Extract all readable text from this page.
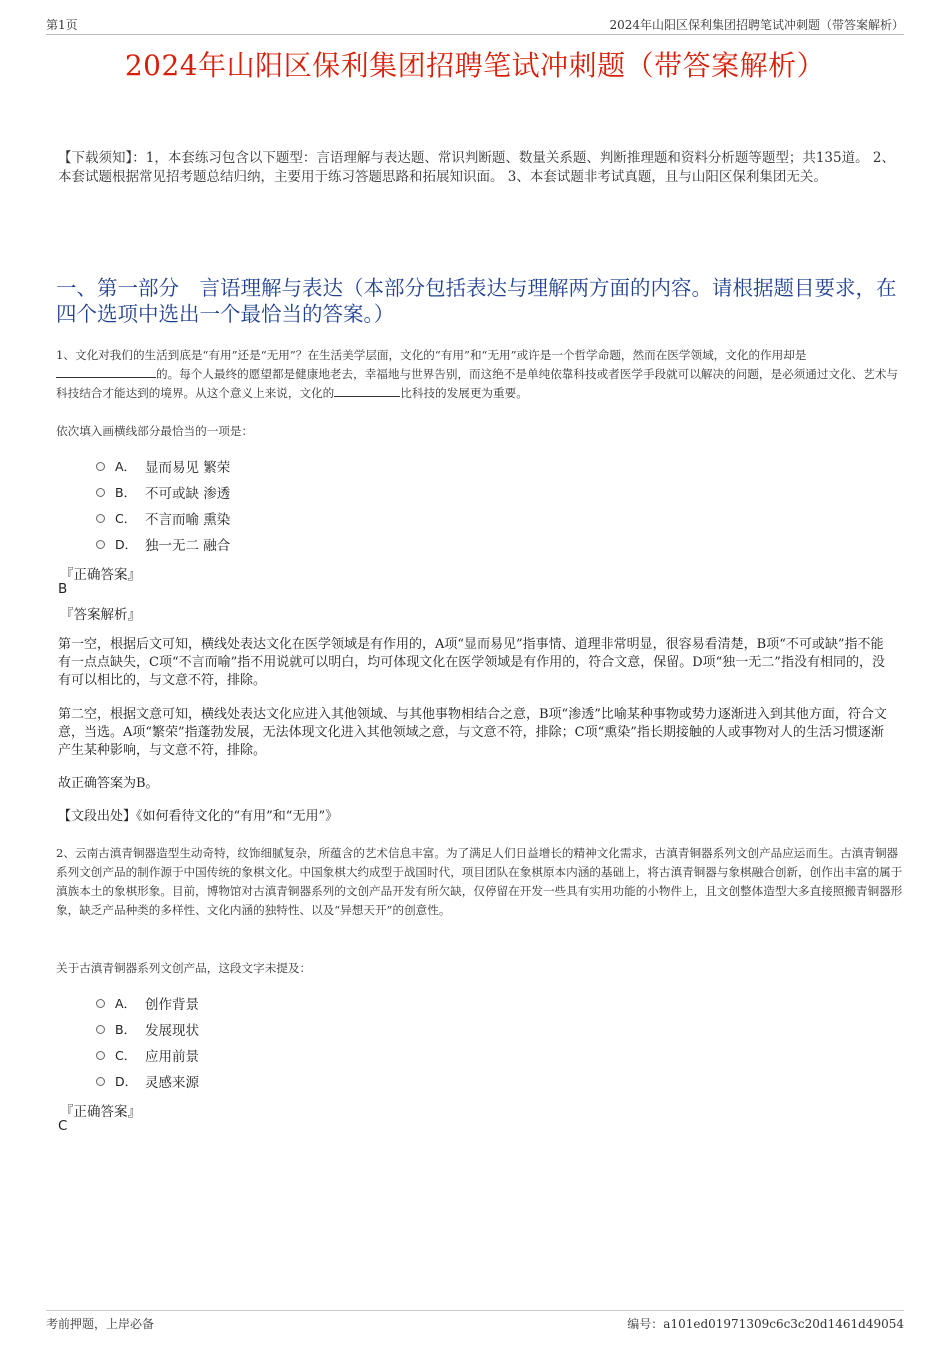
第1页	2024年山阳区保利集团招聘笔试冲刺题（带答案解析）
2024年山阳区保利集团招聘笔试冲刺题（带答案解析）
【下载须知】：1，本套练习包含以下题型：言语理解与表达题、常识判断题、数量关系题、判断推理题和资料分析题等题型；共135道。 2、本套试题根据常见招考题总结归纳，主要用于练习答题思路和拓展知识面。 3、本套试题非考试真题，且与山阳区保利集团无关。
一、第一部分　言语理解与表达（本部分包括表达与理解两方面的内容。请根据题目要求，在四个选项中选出一个最恰当的答案。）
1、文化对我们的生活到底是“有用”还是“无用”？在生活美学层面，文化的“有用”和“无用”或许是一个哲学命题，然而在医学领域，文化的作用却是的。每个人最终的愿望都是健康地老去，幸福地与世界告别，而这绝不是单纯依靠科技或者医学手段就可以解决的问题，是必须通过文化、艺术与科技结合才能达到的境界。从这个意义上来说，文化的	比科技的发展更为重要。
依次填入画横线部分最恰当的一项是：
A． 显而易见 繁荣
B． 不可或缺 渗透
C． 不言而喻 熏染
D． 独一无二 融合
『正确答案』
B
『答案解析』
第一空，根据后文可知，横线处表达文化在医学领域是有作用的，A项“显而易见”指事情、道理非常明显，很容易看清楚，B项“不可或缺”指不能有一点点缺失，C项“不言而喻”指不用说就可以明白，均可体现文化在医学领域是有作用的，符合文意，保留。D项“独一无二”指没有相同的，没有可以相比的，与文意不符，排除。
第二空，根据文意可知，横线处表达文化应进入其他领域、与其他事物相结合之意，B项“渗透”比喻某种事物或势力逐渐进入到其他方面，符合文意，当选。A项“繁荣”指蓬勃发展，无法体现文化进入其他领域之意，与文意不符，排除；C项“熏染”指长期接触的人或事物对人的生活习惯逐渐产生某种影响，与文意不符，排除。
故正确答案为B。
【文段出处】《如何看待文化的“有用”和“无用”》
2、云南古滇青铜器造型生动奇特，纹饰细腻复杂，所蕴含的艺术信息丰富。为了满足人们日益增长的精神文化需求，古滇青铜器系列文创产品应运而生。古滇青铜器系列文创产品的制作源于中国传统的象棋文化。中国象棋大约成型于战国时代，项目团队在象棋原本内涵的基础上，将古滇青铜器与象棋融合创新，创作出丰富的属于滇族本土的象棋形象。目前，博物馆对古滇青铜器系列的文创产品开发有所欠缺，仅停留在开发一些具有实用功能的小物件上，且文创整体造型大多直接照搬青铜器形象，缺乏产品种类的多样性、文化内涵的独特性、以及“异想天开”的创意性。
关于古滇青铜器系列文创产品，这段文字未提及：
A． 创作背景
B． 发展现状
C． 应用前景
D． 灵感来源
『正确答案』
C
考前押题，上岸必备	编号：a101ed01971309c6c3c20d1461d49054
